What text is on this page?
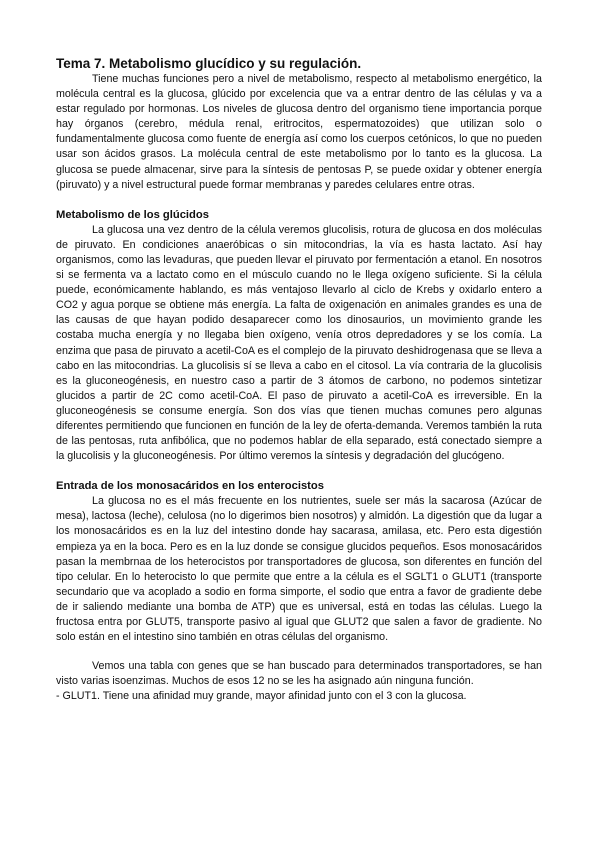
Tema 7. Metabolismo glucídico y su regulación.

Tiene muchas funciones pero a nivel de metabolismo, respecto al metabolismo energético, la molécula central es la glucosa, glúcido por excelencia que va a entrar dentro de las células y va a estar regulado por hormonas. Los niveles de glucosa dentro del organismo tiene importancia porque hay órganos (cerebro, médula renal, eritrocitos, espermatozoides) que utilizan solo o fundamentalmente glucosa como fuente de energía así como los cuerpos cetónicos, lo que no pueden usar son ácidos grasos. La molécula central de este metabolismo por lo tanto es la glucosa. La glucosa se puede almacenar, sirve para la síntesis de pentosas P, se puede oxidar y obtener energía (piruvato) y a nivel estructural puede formar membranas y paredes celulares entre otras.

Metabolismo de los glúcidos

La glucosa una vez dentro de la célula veremos glucolisis, rotura de glucosa en dos moléculas de piruvato. En condiciones anaeróbicas o sin mitocondrias, la vía es hasta lactato. Así hay organismos, como las levaduras, que pueden llevar el piruvato por fermentación a etanol. En nosotros si se fermenta va a lactato como en el músculo cuando no le llega oxígeno suficiente. Si la célula puede, económicamente hablando, es más ventajoso llevarlo al ciclo de Krebs y oxidarlo entero a CO2 y agua porque se obtiene más energía. La falta de oxigenación en animales grandes es una de las causas de que hayan podido desaparecer como los dinosaurios, un movimiento grande les costaba mucha energía y no llegaba bien oxígeno, venía otros depredadores y se los comía. La enzima que pasa de piruvato a acetil-CoA es el complejo de la piruvato deshidrogenasa que se lleva a cabo en las mitocondrias. La glucolisis sí se lleva a cabo en el citosol. La vía contraria de la glucolisis es la gluconeogénesis, en nuestro caso a partir de 3 átomos de carbono, no podemos sintetizar glucidos a partir de 2C como acetil-CoA. El paso de piruvato a acetil-CoA es irreversible. En la gluconeogénesis se consume energía. Son dos vías que tienen muchas comunes pero algunas diferentes permitiendo que funcionen en función de la ley de oferta-demanda. Veremos también la ruta de las pentosas, ruta anfibólica, que no podemos hablar de ella separado, está conectado siempre a la glucolisis y la gluconeogénesis. Por último veremos la síntesis y degradación del glucógeno.

Entrada de los monosacáridos en los enterocistos

La glucosa no es el más frecuente en los nutrientes, suele ser más la sacarosa (Azúcar de mesa), lactosa (leche), celulosa (no lo digerimos bien nosotros) y almidón. La digestión que da lugar a los monosacáridos es en la luz del intestino donde hay sacarasa, amilasa, etc. Pero esta digestión empieza ya en la boca. Pero es en la luz donde se consigue glucidos pequeños. Esos monosacáridos pasan la membrnaa de los heterocistos por transportadores de glucosa, son diferentes en función del tipo celular. En lo heterocisto lo que permite que entre a la célula es el SGLT1 o GLUT1 (transporte secundario que va acoplado a sodio en forma simporte, el sodio que entra a favor de gradiente debe de ir saliendo mediante una bomba de ATP) que es universal, está en todas las células. Luego la fructosa entra por GLUT5, transporte pasivo al igual que GLUT2 que salen a favor de gradiente. No solo están en el intestino sino también en otras células del organismo.

Vemos una tabla con genes que se han buscado para determinados transportadores, se han visto varias isoenzimas. Muchos de esos 12 no se les ha asignado aún ninguna función.

- GLUT1. Tiene una afinidad muy grande, mayor afinidad junto con el 3 con la glucosa.
